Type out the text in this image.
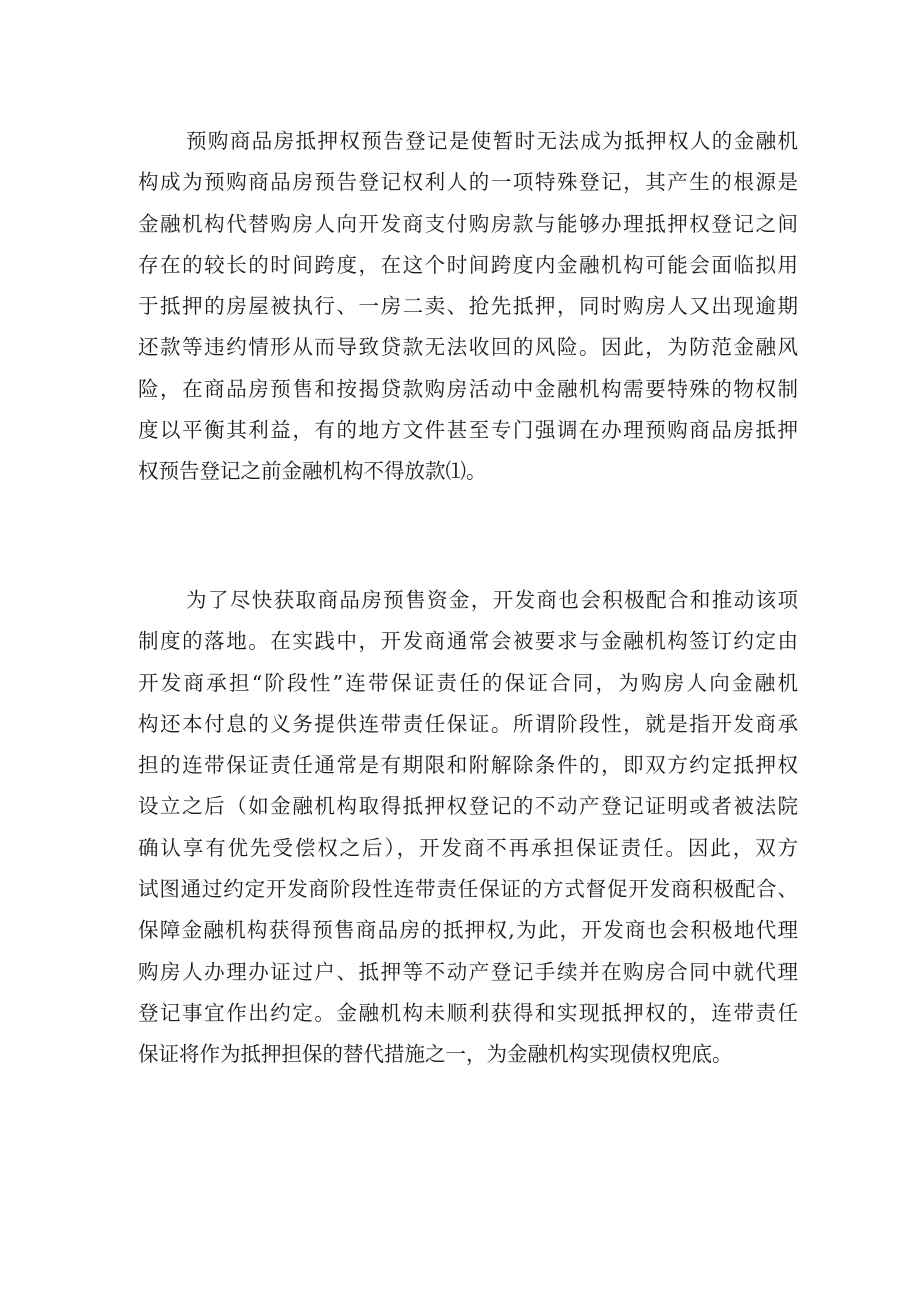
预购商品房抵押权预告登记是使暂时无法成为抵押权人的金融机
构成为预购商品房预告登记权利人的一项特殊登记，其产生的根源是
金融机构代替购房人向开发商支付购房款与能够办理抵押权登记之间
存在的较长的时间跨度，在这个时间跨度内金融机构可能会面临拟用
于抵押的房屋被执行、一房二卖、抢先抵押，同时购房人又出现逾期
还款等违约情形从而导致贷款无法收回的风险。因此，为防范金融风
险，在商品房预售和按揭贷款购房活动中金融机构需要特殊的物权制
度以平衡其利益，有的地方文件甚至专门强调在办理预购商品房抵押
权预告登记之前金融机构不得放款⑴。
为了尽快获取商品房预售资金，开发商也会积极配合和推动该项
制度的落地。在实践中，开发商通常会被要求与金融机构签订约定由
开发商承担“阶段性”连带保证责任的保证合同，为购房人向金融机
构还本付息的义务提供连带责任保证。所谓阶段性，就是指开发商承
担的连带保证责任通常是有期限和附解除条件的，即双方约定抵押权
设立之后（如金融机构取得抵押权登记的不动产登记证明或者被法院
确认享有优先受偿权之后），开发商不再承担保证责任。因此，双方
试图通过约定开发商阶段性连带责任保证的方式督促开发商积极配合、
保障金融机构获得预售商品房的抵押权,为此，开发商也会积极地代理
购房人办理办证过户、抵押等不动产登记手续并在购房合同中就代理
登记事宜作出约定。金融机构未顺利获得和实现抵押权的，连带责任
保证将作为抵押担保的替代措施之一，为金融机构实现债权兜底。
